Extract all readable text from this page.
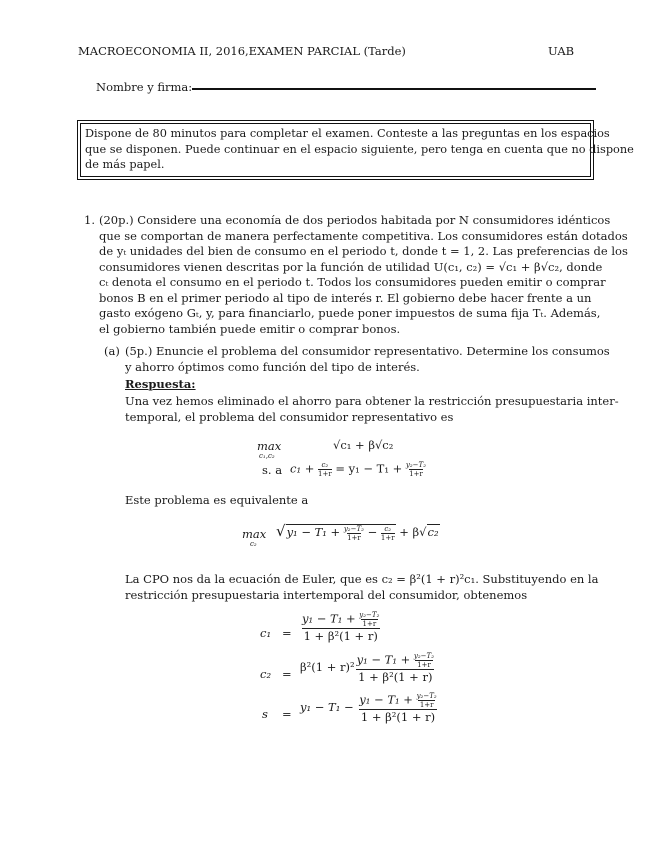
MACROECONOMIA II, 2016,EXAMEN PARCIAL (Tarde)	UAB
Nombre y firma:
Dispone de 80 minutos para completar el examen. Conteste a las preguntas en los espacios
que se disponen. Puede continuar en el espacio siguiente, pero tenga en cuenta que no dispone
de más papel.
1. (20p.) Considere una economía de dos periodos habitada por N consumidores idénticos
que se comportan de manera perfectamente competitiva. Los consumidores están dotados
de yₜ unidades del bien de consumo en el periodo t, donde t = 1, 2. Las preferencias de los
consumidores vienen descritas por la función de utilidad U(c₁, c₂) = √c₁ + β√c₂, donde
cₜ denota el consumo en el periodo t. Todos los consumidores pueden emitir o comprar
bonos B en el primer periodo al tipo de interés r. El gobierno debe hacer frente a un
gasto exógeno Gₜ, y, para financiarlo, puede poner impuestos de suma fija Tₜ. Además,
el gobierno también puede emitir o comprar bonos.
(a) (5p.) Enuncie el problema del consumidor representativo. Determine los consumos
y ahorro óptimos como función del tipo de interés.
Respuesta:
Una vez hemos eliminado el ahorro para obtener la restricción presupuestaria inter-
temporal, el problema del consumidor representativo es
max
c₁,c₂
√c₁ + β√c₂
s. a $c_1 + \frac{\text{c₂}}{1+r} = y_1 - T_1 + \frac{\text{y₂−T₂}}{1+r}$
Este problema es equivalente a
max
c₂
$√y_1 - T_1 + \frac{\text{y₂−T₂}}{1+r} - \frac{\text{c₂}}{1+r} + \beta√c_2$
La CPO nos da la ecuación de Euler, que es c₂ = β²(1 + r)²c₁. Substituyendo en la
restricción presupuestaria intertemporal del consumidor, obtenemos
$c_1 = \frac{y_1 - T_1 + \frac{\text{y₂−T₂}}{1+r}}{\text{1 + β²(1 + r)}}$
$c_2 = \beta^2(1 + r)^2 \frac{y_1 - T_1 + \frac{\text{y₂−T₂}}{1+r}}{\text{1 + β²(1 + r)}}$
$s = y_1 - T_1 - \frac{y_1 - T_1 + \frac{\text{y₂−T₂}}{1+r}}{\text{1 + β²(1 + r)}}$
